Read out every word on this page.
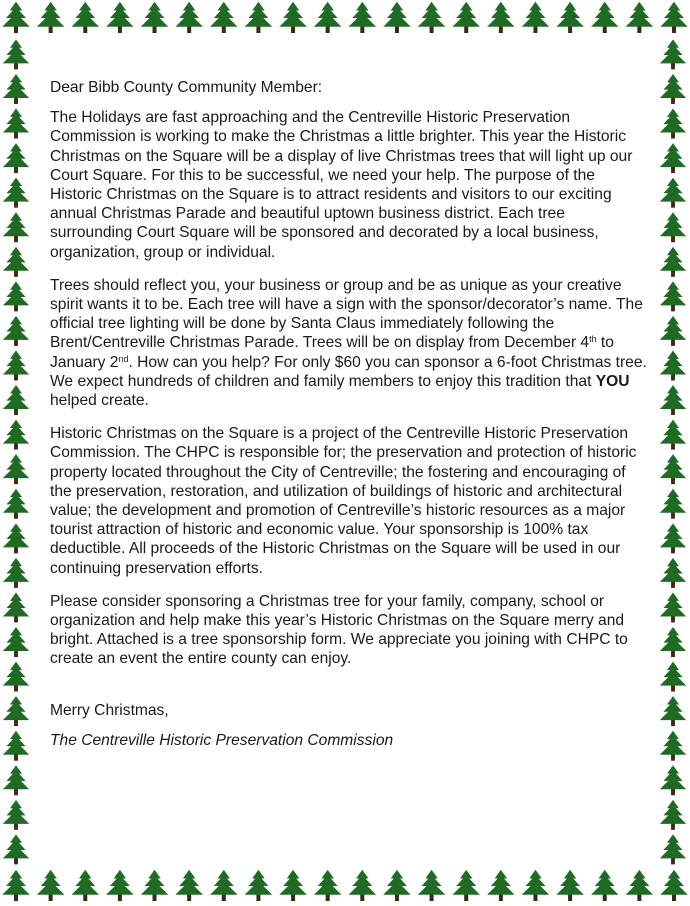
Dear Bibb County Community Member:

The Holidays are fast approaching and the Centreville Historic Preservation Commission is working to make the Christmas a little brighter. This year the Historic Christmas on the Square will be a display of live Christmas trees that will light up our Court Square. For this to be successful, we need your help. The purpose of the Historic Christmas on the Square is to attract residents and visitors to our exciting annual Christmas Parade and beautiful uptown business district. Each tree surrounding Court Square will be sponsored and decorated by a local business, organization, group or individual.

Trees should reflect you, your business or group and be as unique as your creative spirit wants it to be. Each tree will have a sign with the sponsor/decorator’s name. The official tree lighting will be done by Santa Claus immediately following the Brent/Centreville Christmas Parade. Trees will be on display from December 4th to January 2nd. How can you help? For only $60 you can sponsor a 6-foot Christmas tree. We expect hundreds of children and family members to enjoy this tradition that YOU helped create.

Historic Christmas on the Square is a project of the Centreville Historic Preservation Commission. The CHPC is responsible for; the preservation and protection of historic property located throughout the City of Centreville; the fostering and encouraging of the preservation, restoration, and utilization of buildings of historic and architectural value; the development and promotion of Centreville’s historic resources as a major tourist attraction of historic and economic value. Your sponsorship is 100% tax deductible. All proceeds of the Historic Christmas on the Square will be used in our continuing preservation efforts.

Please consider sponsoring a Christmas tree for your family, company, school or organization and help make this year’s Historic Christmas on the Square merry and bright. Attached is a tree sponsorship form. We appreciate you joining with CHPC to create an event the entire county can enjoy.

Merry Christmas,

The Centreville Historic Preservation Commission
